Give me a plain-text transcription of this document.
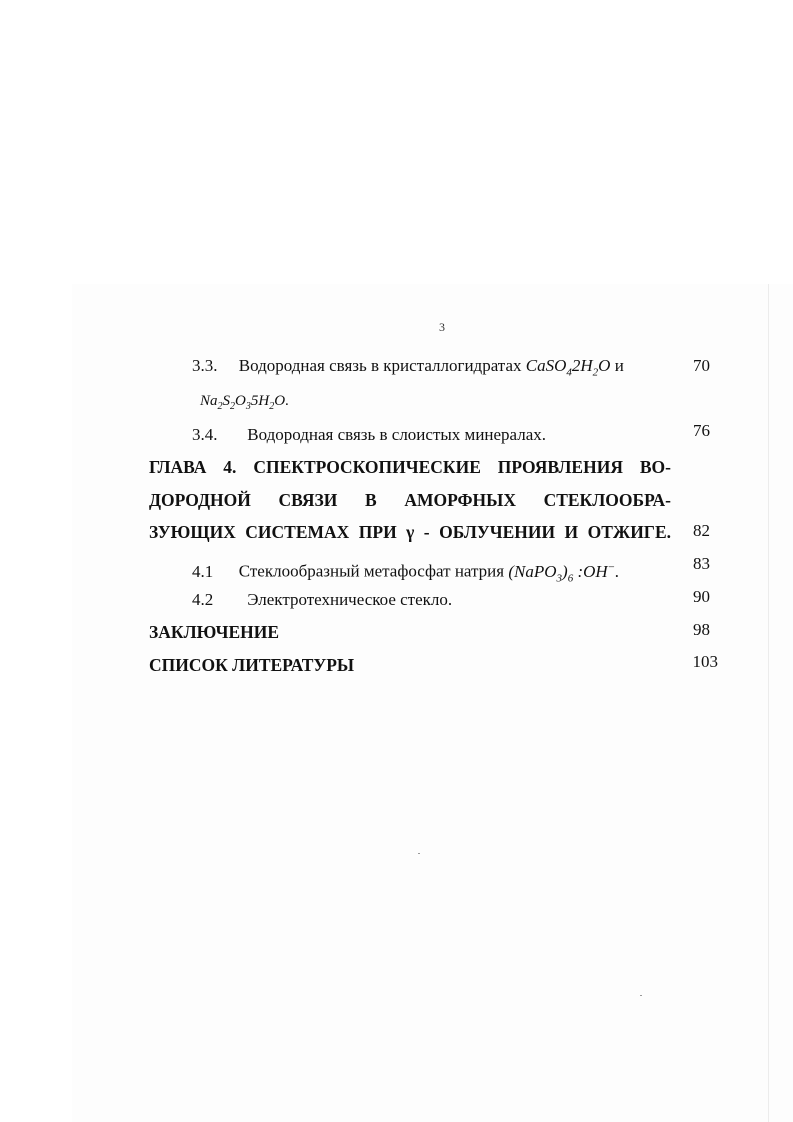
3
3.3. Водородная связь в кристаллогидратах $CaSO_42H_2O$ и	70
$Na_2S_2O_35H_2O$.
3.4. Водородная связь в слоистых минералах.	76
ГЛАВА 4. СПЕКТРОСКОПИЧЕСКИЕ ПРОЯВЛЕНИЯ ВО-
ДОРОДНОЙ СВЯЗИ В АМОРФНЫХ СТЕКЛООБРА-
ЗУЮЩИХ СИСТЕМАХ ПРИ γ - ОБЛУЧЕНИИ И ОТЖИГЕ.	82
4.1 Стеклообразный метафосфат натрия $(NaPO_3)_6$ :OH−.	83
4.2 Электротехническое стекло.	90
ЗАКЛЮЧЕНИЕ	98
СПИСОК ЛИТЕРАТУРЫ	103
